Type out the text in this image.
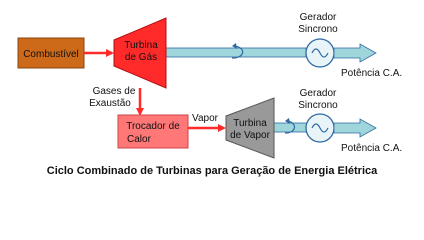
Combustível
Turbina
de Gás
Gerador
Sincrono
Potência C.A.
Gases de
Exaustão
Trocador de
Calor
Vapor Turbina
de Vapor
Gerador
Sincrono
Potência C.A.
Ciclo Combinado de Turbinas para Geração de Energia Elétrica
